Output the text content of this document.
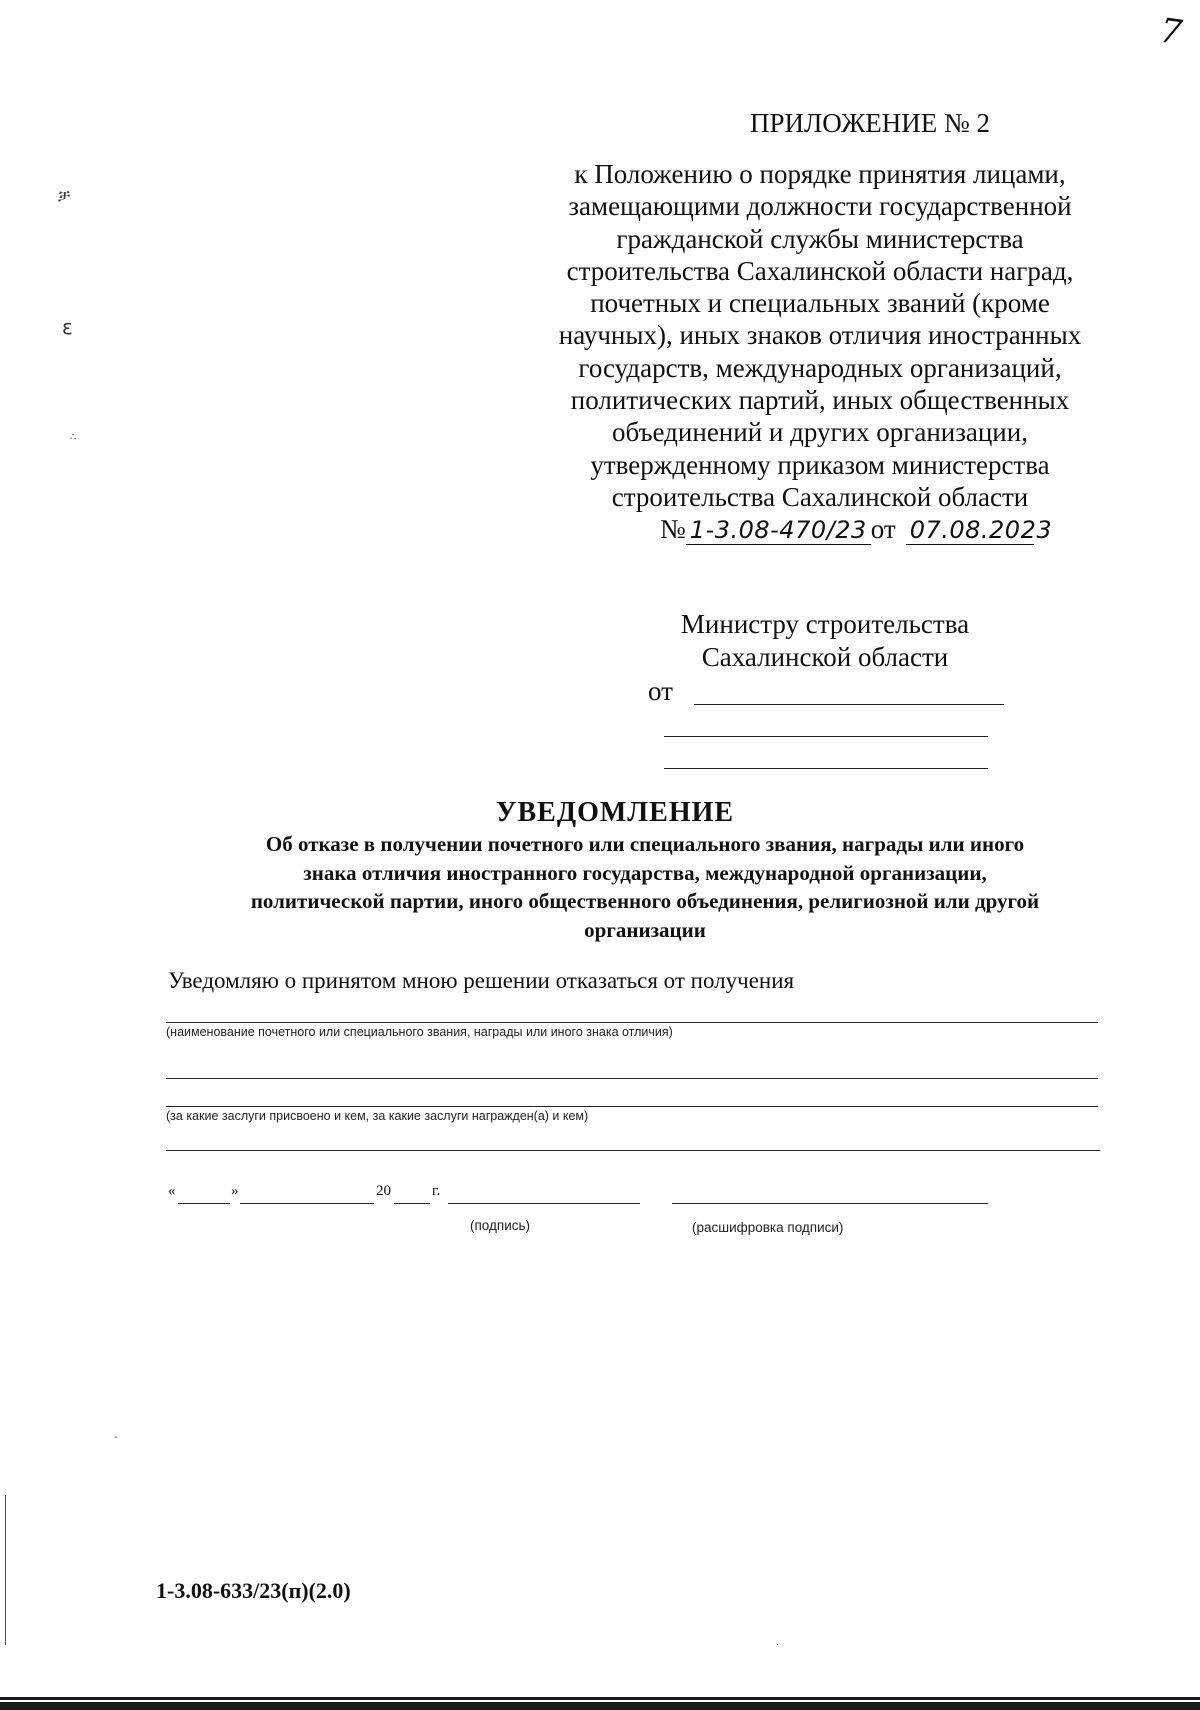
7
ቻ
ε
∴
ПРИЛОЖЕНИЕ № 2
к Положению о порядке принятия лицами,
замещающими должности государственной
гражданской службы министерства
строительства Сахалинской области наград,
почетных и специальных званий (кроме
научных), иных знаков отличия иностранных
государств, международных организаций,
политических партий, иных общественных
объединений и других организации,
утвержденному приказом министерства
строительства Сахалинской области
№ 1-3.08-470/23 от 07.08.2023
Министру строительства
Сахалинской области
от
УВЕДОМЛЕНИЕ
Об отказе в получении почетного или специального звания, награды или иного
знака отличия иностранного государства, международной организации,
политической партии, иного общественного объединения, религиозной или другой
организации
Уведомляю о принятом мною решении отказаться от получения
(наименование почетного или специального звания, награды или иного знака отличия)
(за какие заслуги присвоено и кем, за какие заслуги награжден(а) и кем)
«	»	20	г.
(подпись)	(расшифровка подписи)
1-3.08-633/23(п)(2.0)
-
·
